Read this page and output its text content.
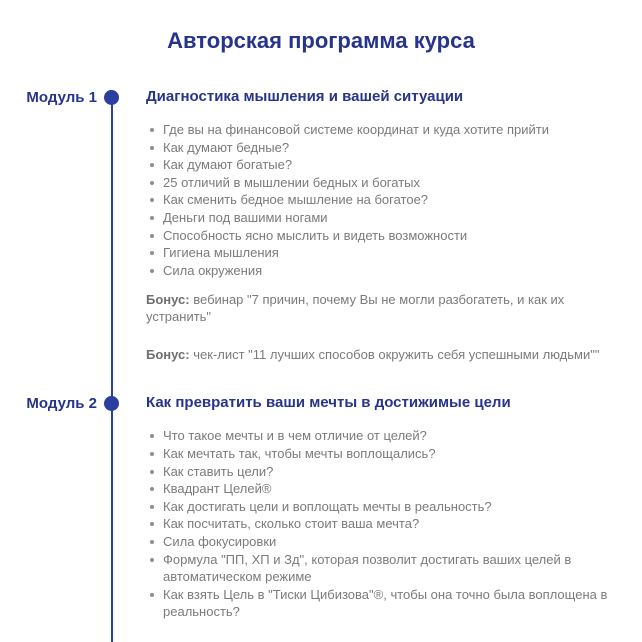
Авторская программа курса
Модуль 1	Диагностика мышления и вашей ситуации
Где вы на финансовой системе координат и куда хотите прийти
Как думают бедные?
Как думают богатые?
25 отличий в мышлении бедных и богатых
Как сменить бедное мышление на богатое?
Деньги под вашими ногами
Способность ясно мыслить и видеть возможности
Гигиена мышления
Сила окружения

Бонус: вебинар "7 причин, почему Вы не могли разбогатеть, и как их устранить"

Бонус: чек-лист "11 лучших способов окружить себя успешными людьми""

Модуль 2	Как превратить ваши мечты в достижимые цели
Что такое мечты и в чем отличие от целей?
Как мечтать так, чтобы мечты воплощались?
Как ставить цели?
Квадрант Целей®
Как достигать цели и воплощать мечты в реальность?
Как посчитать, сколько стоит ваша мечта?
Сила фокусировки
Формула "ПП, ХП и Зд", которая позволит достигать ваших целей в автоматическом режиме
Как взять Цель в "Тиски Цибизова"®, чтобы она точно была воплощена в реальность?
